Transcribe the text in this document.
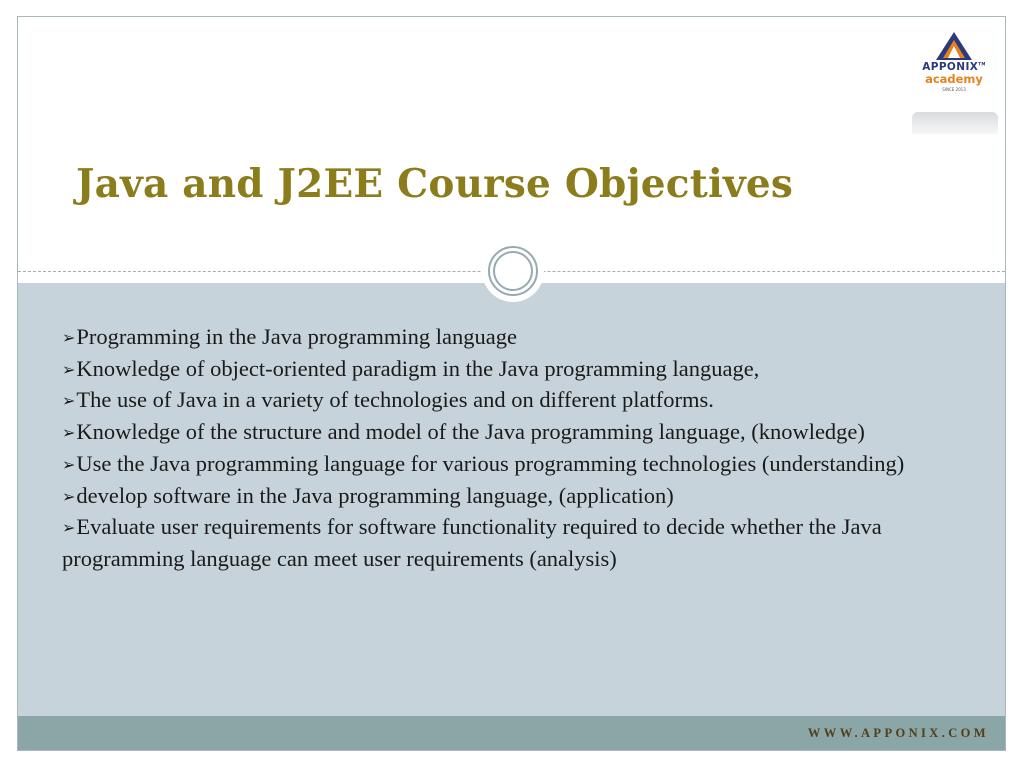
APPONIX™
academy
SINCE 2013
Java and J2EE Course Objectives
➢Programming in the Java programming language
➢Knowledge of object-oriented paradigm in the Java programming language,
➢The use of Java in a variety of technologies and on different platforms.
➢Knowledge of the structure and model of the Java programming language, (knowledge)
➢Use the Java programming language for various programming technologies (understanding)
➢develop software in the Java programming language, (application)
➢Evaluate user requirements for software functionality required to decide whether the Java programming language can meet user requirements (analysis)
WWW.APPONIX.COM
